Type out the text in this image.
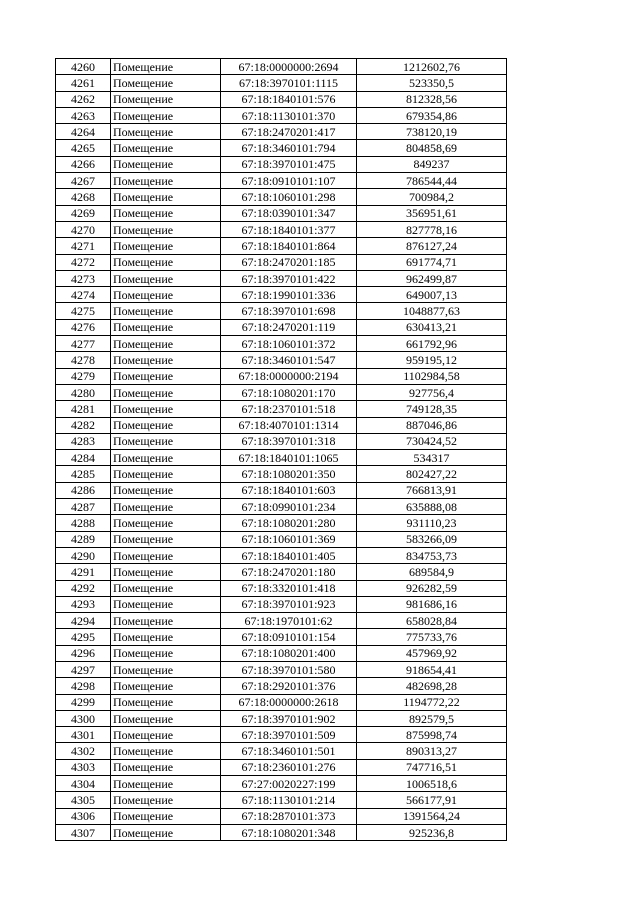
4260	Помещение	67:18:0000000:2694	1212602,76
4261	Помещение	67:18:3970101:1115	523350,5
4262	Помещение	67:18:1840101:576	812328,56
4263	Помещение	67:18:1130101:370	679354,86
4264	Помещение	67:18:2470201:417	738120,19
4265	Помещение	67:18:3460101:794	804858,69
4266	Помещение	67:18:3970101:475	849237
4267	Помещение	67:18:0910101:107	786544,44
4268	Помещение	67:18:1060101:298	700984,2
4269	Помещение	67:18:0390101:347	356951,61
4270	Помещение	67:18:1840101:377	827778,16
4271	Помещение	67:18:1840101:864	876127,24
4272	Помещение	67:18:2470201:185	691774,71
4273	Помещение	67:18:3970101:422	962499,87
4274	Помещение	67:18:1990101:336	649007,13
4275	Помещение	67:18:3970101:698	1048877,63
4276	Помещение	67:18:2470201:119	630413,21
4277	Помещение	67:18:1060101:372	661792,96
4278	Помещение	67:18:3460101:547	959195,12
4279	Помещение	67:18:0000000:2194	1102984,58
4280	Помещение	67:18:1080201:170	927756,4
4281	Помещение	67:18:2370101:518	749128,35
4282	Помещение	67:18:4070101:1314	887046,86
4283	Помещение	67:18:3970101:318	730424,52
4284	Помещение	67:18:1840101:1065	534317
4285	Помещение	67:18:1080201:350	802427,22
4286	Помещение	67:18:1840101:603	766813,91
4287	Помещение	67:18:0990101:234	635888,08
4288	Помещение	67:18:1080201:280	931110,23
4289	Помещение	67:18:1060101:369	583266,09
4290	Помещение	67:18:1840101:405	834753,73
4291	Помещение	67:18:2470201:180	689584,9
4292	Помещение	67:18:3320101:418	926282,59
4293	Помещение	67:18:3970101:923	981686,16
4294	Помещение	67:18:1970101:62	658028,84
4295	Помещение	67:18:0910101:154	775733,76
4296	Помещение	67:18:1080201:400	457969,92
4297	Помещение	67:18:3970101:580	918654,41
4298	Помещение	67:18:2920101:376	482698,28
4299	Помещение	67:18:0000000:2618	1194772,22
4300	Помещение	67:18:3970101:902	892579,5
4301	Помещение	67:18:3970101:509	875998,74
4302	Помещение	67:18:3460101:501	890313,27
4303	Помещение	67:18:2360101:276	747716,51
4304	Помещение	67:27:0020227:199	1006518,6
4305	Помещение	67:18:1130101:214	566177,91
4306	Помещение	67:18:2870101:373	1391564,24
4307	Помещение	67:18:1080201:348	925236,8
